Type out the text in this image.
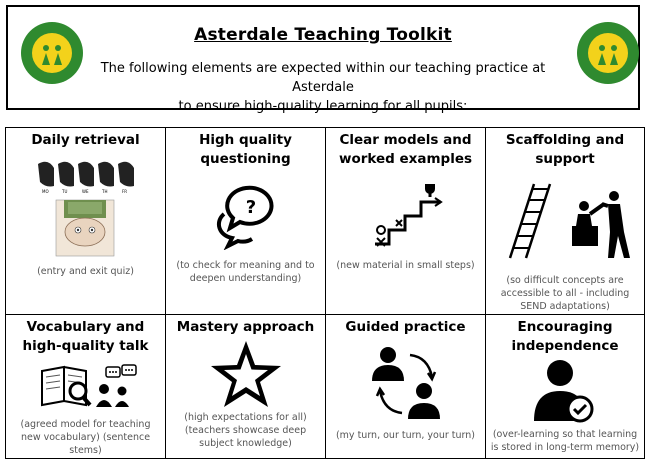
Asterdale Teaching Toolkit
The following elements are expected within our teaching practice at Asterdale
to ensure high-quality learning for all pupils:
Daily retrieval
MO	TU	WE	TH	FR
(entry and exit quiz)
High quality questioning
?
(to check for meaning and to deepen understanding)
Clear models and worked examples
(new material in small steps)
Scaffolding and support
(so difficult concepts are accessible to all - including SEND adaptations)
Vocabulary and high-quality talk
(agreed model for teaching new vocabulary) (sentence stems)
Mastery approach
(high expectations for all) (teachers showcase deep subject knowledge)
Guided practice
(my turn, our turn, your turn)
Encouraging independence
(over-learning so that learning is stored in long-term memory)
